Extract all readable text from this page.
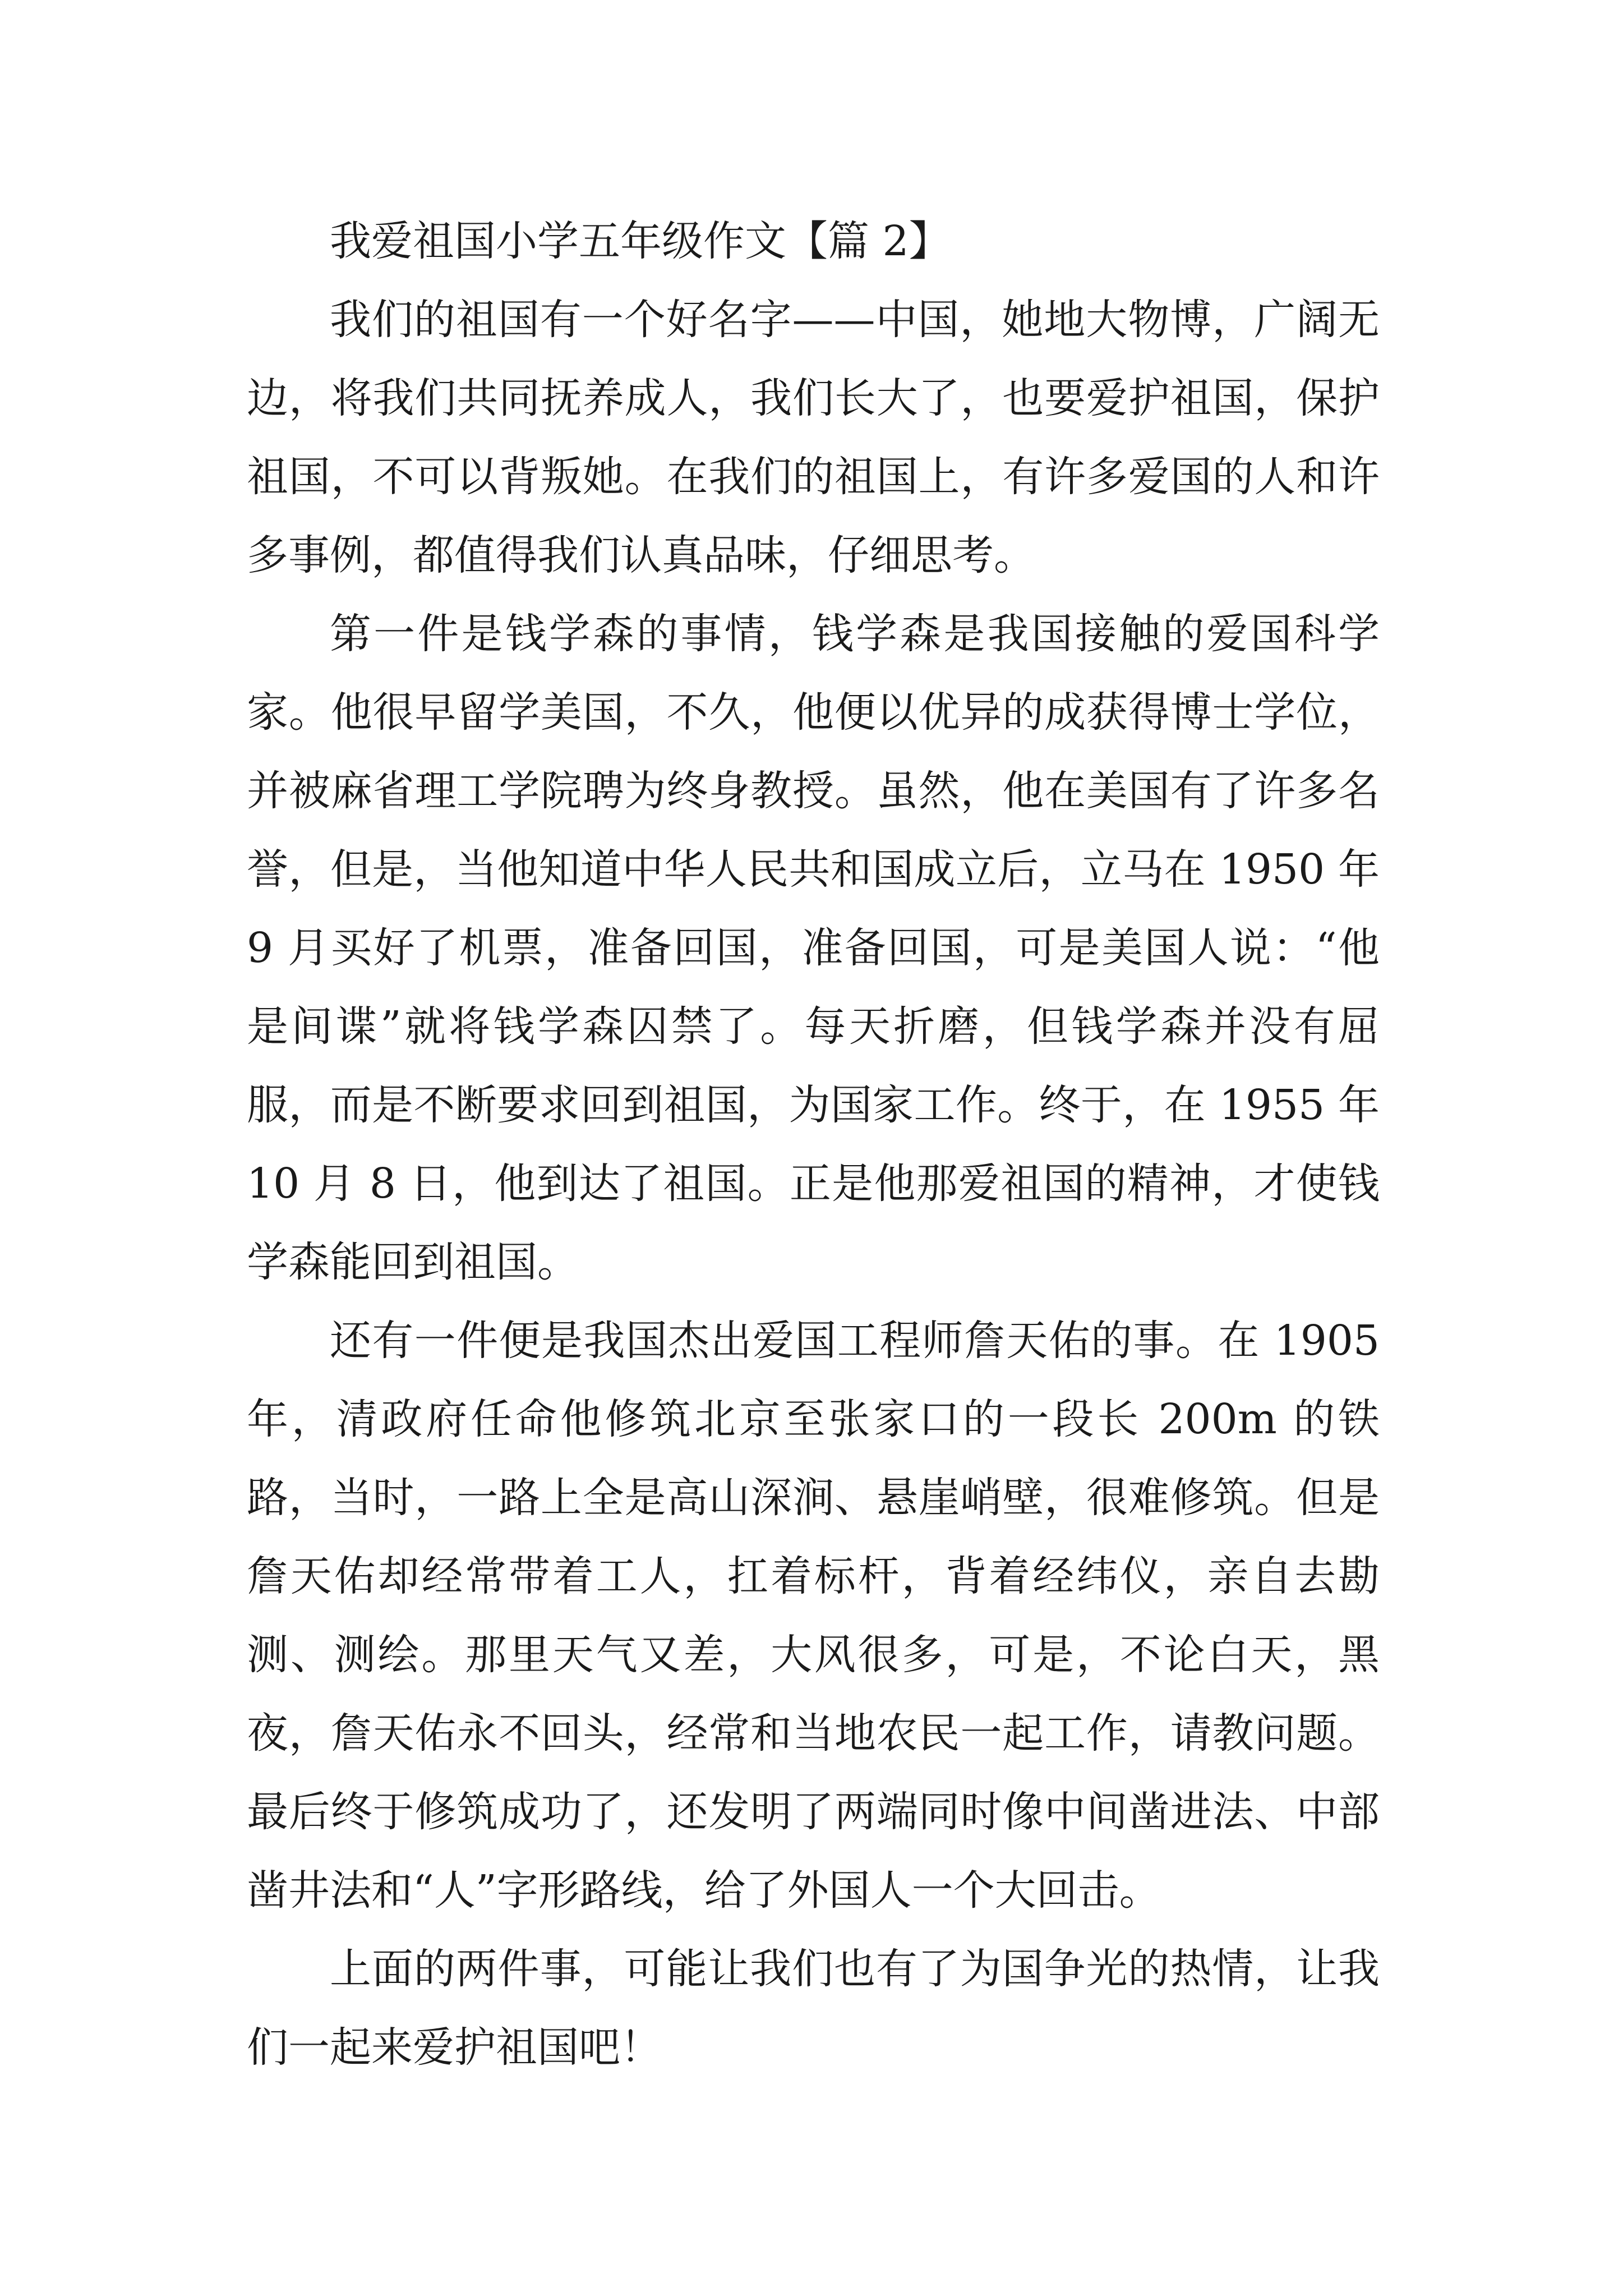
我爱祖国小学五年级作文【篇 2】

我们的祖国有一个好名字——中国，她地大物博，广阔无边，将我们共同抚养成人，我们长大了，也要爱护祖国，保护祖国，不可以背叛她。在我们的祖国上，有许多爱国的人和许多事例，都值得我们认真品味，仔细思考。

第一件是钱学森的事情，钱学森是我国接触的爱国科学家。他很早留学美国，不久，他便以优异的成获得博士学位，并被麻省理工学院聘为终身教授。虽然，他在美国有了许多名誉，但是，当他知道中华人民共和国成立后，立马在 1950 年 9 月买好了机票，准备回国，准备回国，可是美国人说：“他是间谍”就将钱学森囚禁了。每天折磨，但钱学森并没有屈服，而是不断要求回到祖国，为国家工作。终于，在 1955 年 10 月 8 日，他到达了祖国。正是他那爱祖国的精神，才使钱学森能回到祖国。

还有一件便是我国杰出爱国工程师詹天佑的事。在 1905 年，清政府任命他修筑北京至张家口的一段长 200m 的铁路，当时，一路上全是高山深涧、悬崖峭壁，很难修筑。但是詹天佑却经常带着工人，扛着标杆，背着经纬仪，亲自去勘测、测绘。那里天气又差，大风很多，可是，不论白天，黑夜，詹天佑永不回头，经常和当地农民一起工作，请教问题。最后终于修筑成功了，还发明了两端同时像中间凿进法、中部凿井法和“人”字形路线，给了外国人一个大回击。

上面的两件事，可能让我们也有了为国争光的热情，让我们一起来爱护祖国吧！
